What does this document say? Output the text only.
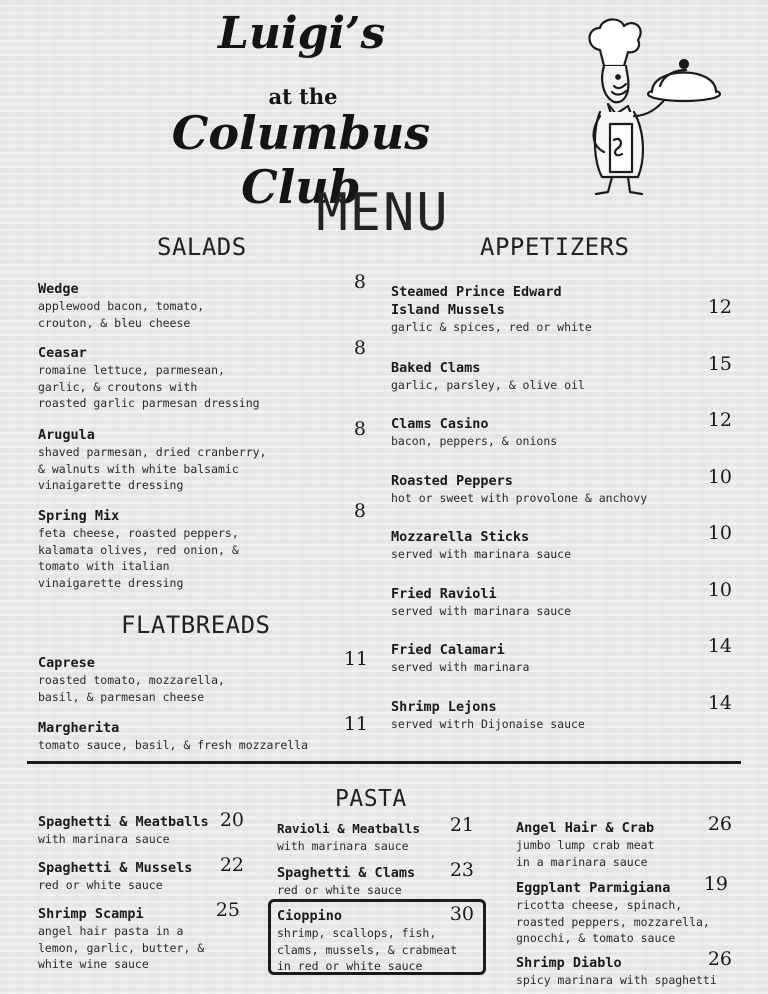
Luigi’s
at the
Columbus Club
MENU
SALADS
Wedge
applewood bacon, tomato,
crouton, & bleu cheese
8
Ceasar
romaine lettuce, parmesean,
garlic, & croutons with
roasted garlic parmesan dressing
8
Arugula
shaved parmesan, dried cranberry,
& walnuts with white balsamic
vinaigarette dressing
8
Spring Mix
feta cheese, roasted peppers,
kalamata olives, red onion, &
tomato with italian
vinaigarette dressing
8
FLATBREADS
Caprese
roasted tomato, mozzarella,
basil, & parmesan cheese
11
Margherita
tomato sauce, basil, & fresh mozzarella
11
APPETIZERS
Steamed Prince Edward
Island Mussels
garlic & spices, red or white
12
Baked Clams
garlic, parsley, & olive oil
15
Clams Casino
bacon, peppers, & onions
12
Roasted Peppers
hot or sweet with provolone & anchovy
10
Mozzarella Sticks
served with marinara sauce
10
Fried Ravioli
served with marinara sauce
10
Fried Calamari
served with marinara
14
Shrimp Lejons
served witrh Dijonaise sauce
14
PASTA
Spaghetti & Meatballs
with marinara sauce
20
Spaghetti & Mussels
red or white sauce
22
Shrimp Scampi
angel hair pasta in a
lemon, garlic, butter, &
white wine sauce
25
Ravioli & Meatballs
with marinara sauce
21
Spaghetti & Clams
red or white sauce
23
Cioppino
shrimp, scallops, fish,
clams, mussels, & crabmeat
in red or white sauce
30
Angel Hair & Crab
jumbo lump crab meat
in a marinara sauce
26
Eggplant Parmigiana
ricotta cheese, spinach,
roasted peppers, mozzarella,
gnocchi, & tomato sauce
19
Shrimp Diablo
spicy marinara with spaghetti
26
